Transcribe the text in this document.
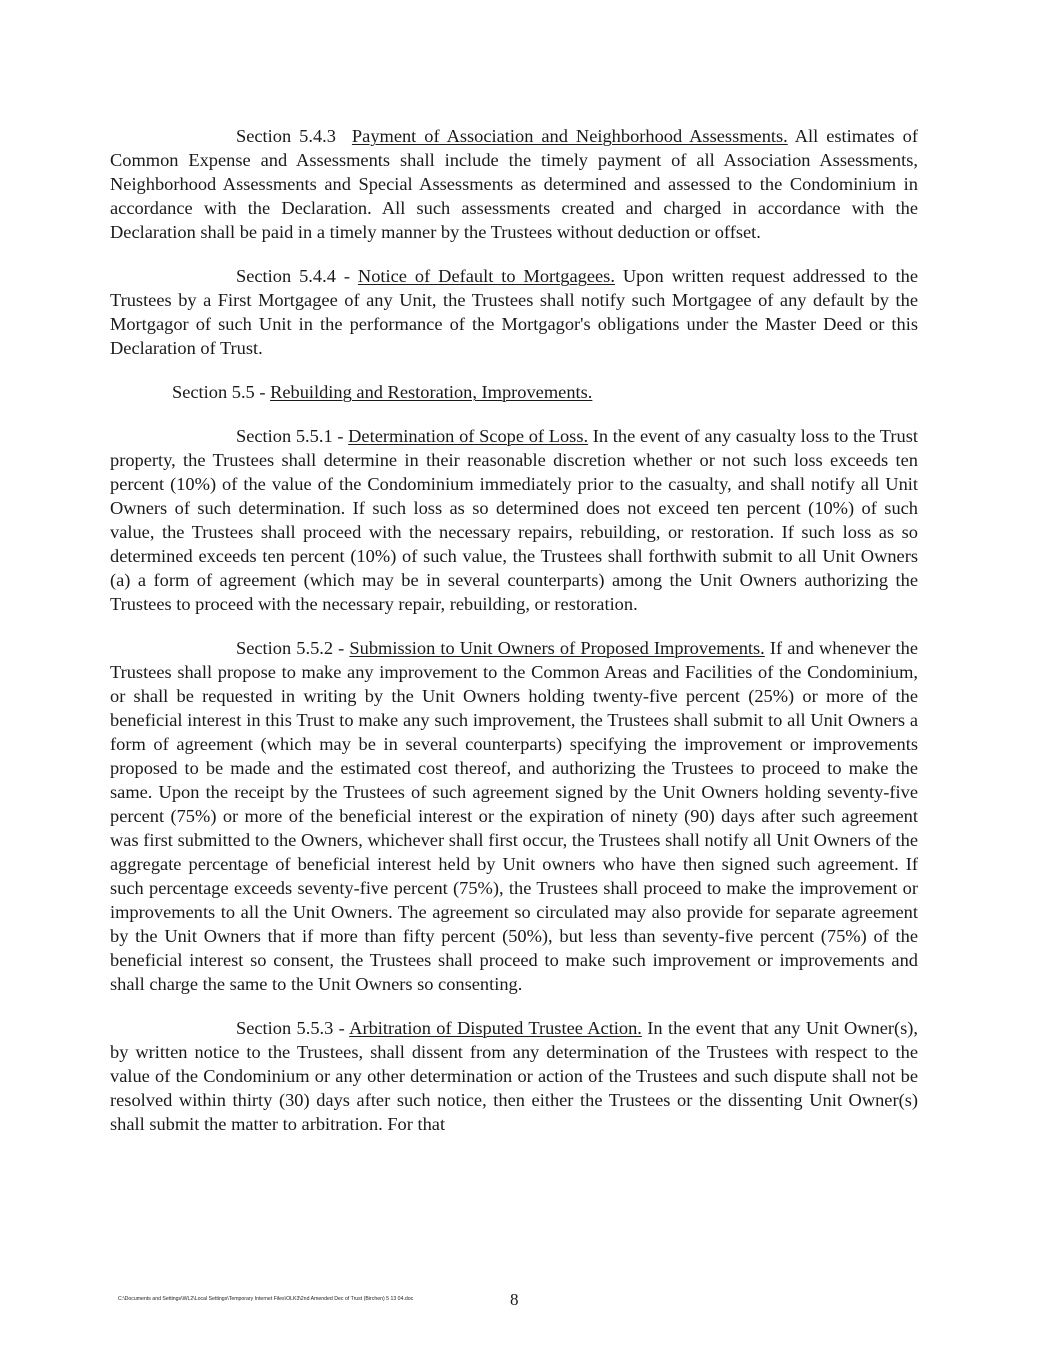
Section 5.4.3 Payment of Association and Neighborhood Assessments. All estimates of Common Expense and Assessments shall include the timely payment of all Association Assessments, Neighborhood Assessments and Special Assessments as determined and assessed to the Condominium in accordance with the Declaration. All such assessments created and charged in accordance with the Declaration shall be paid in a timely manner by the Trustees without deduction or offset.

Section 5.4.4 - Notice of Default to Mortgagees. Upon written request addressed to the Trustees by a First Mortgagee of any Unit, the Trustees shall notify such Mortgagee of any default by the Mortgagor of such Unit in the performance of the Mortgagor's obligations under the Master Deed or this Declaration of Trust.

Section 5.5 - Rebuilding and Restoration, Improvements.

Section 5.5.1 - Determination of Scope of Loss. In the event of any casualty loss to the Trust property, the Trustees shall determine in their reasonable discretion whether or not such loss exceeds ten percent (10%) of the value of the Condominium immediately prior to the casualty, and shall notify all Unit Owners of such determination. If such loss as so determined does not exceed ten percent (10%) of such value, the Trustees shall proceed with the necessary repairs, rebuilding, or restoration. If such loss as so determined exceeds ten percent (10%) of such value, the Trustees shall forthwith submit to all Unit Owners (a) a form of agreement (which may be in several counterparts) among the Unit Owners authorizing the Trustees to proceed with the necessary repair, rebuilding, or restoration.

Section 5.5.2 - Submission to Unit Owners of Proposed Improvements. If and whenever the Trustees shall propose to make any improvement to the Common Areas and Facilities of the Condominium, or shall be requested in writing by the Unit Owners holding twenty-five percent (25%) or more of the beneficial interest in this Trust to make any such improvement, the Trustees shall submit to all Unit Owners a form of agreement (which may be in several counterparts) specifying the improvement or improvements proposed to be made and the estimated cost thereof, and authorizing the Trustees to proceed to make the same. Upon the receipt by the Trustees of such agreement signed by the Unit Owners holding seventy-five percent (75%) or more of the beneficial interest or the expiration of ninety (90) days after such agreement was first submitted to the Owners, whichever shall first occur, the Trustees shall notify all Unit Owners of the aggregate percentage of beneficial interest held by Unit owners who have then signed such agreement. If such percentage exceeds seventy-five percent (75%), the Trustees shall proceed to make the improvement or improvements to all the Unit Owners. The agreement so circulated may also provide for separate agreement by the Unit Owners that if more than fifty percent (50%), but less than seventy-five percent (75%) of the beneficial interest so consent, the Trustees shall proceed to make such improvement or improvements and shall charge the same to the Unit Owners so consenting.

Section 5.5.3 - Arbitration of Disputed Trustee Action. In the event that any Unit Owner(s), by written notice to the Trustees, shall dissent from any determination of the Trustees with respect to the value of the Condominium or any other determination or action of the Trustees and such dispute shall not be resolved within thirty (30) days after such notice, then either the Trustees or the dissenting Unit Owner(s) shall submit the matter to arbitration. For that

C:\Documents and Settings\WL2\Local Settings\Temporary Internet Files\OLK3\2nd Amended Dec of Trust (Birchen) 5 13 04.doc	8
